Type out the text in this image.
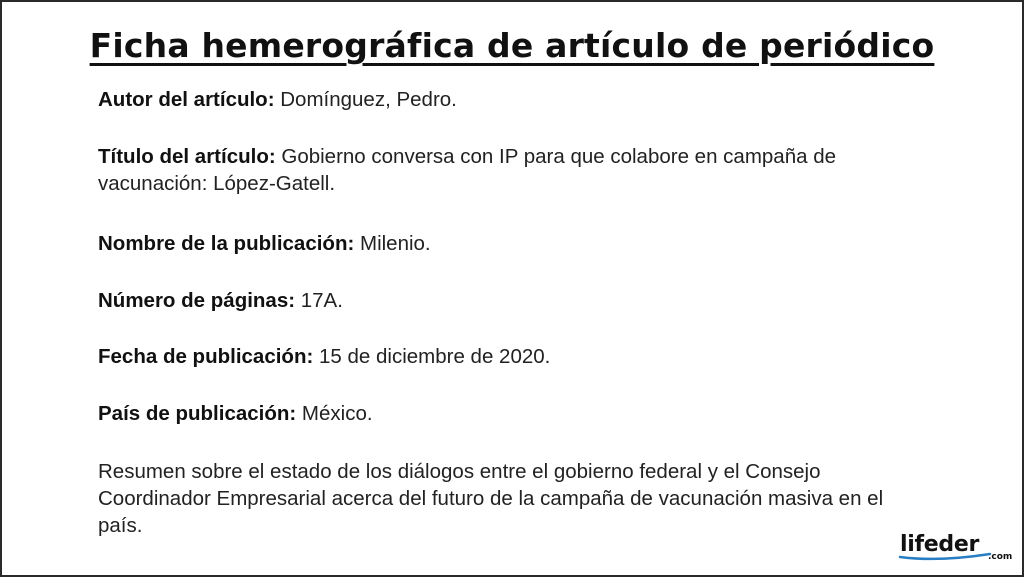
Ficha hemerográfica de artículo de periódico
Autor del artículo: Domínguez, Pedro.
Título del artículo: Gobierno conversa con IP para que colabore en campaña de vacunación: López-Gatell.
Nombre de la publicación: Milenio.
Número de páginas: 17A.
Fecha de publicación: 15 de diciembre de 2020.
País de publicación: México.
Resumen sobre el estado de los diálogos entre el gobierno federal y el Consejo Coordinador Empresarial acerca del futuro de la campaña de vacunación masiva en el país.
lifeder .com
